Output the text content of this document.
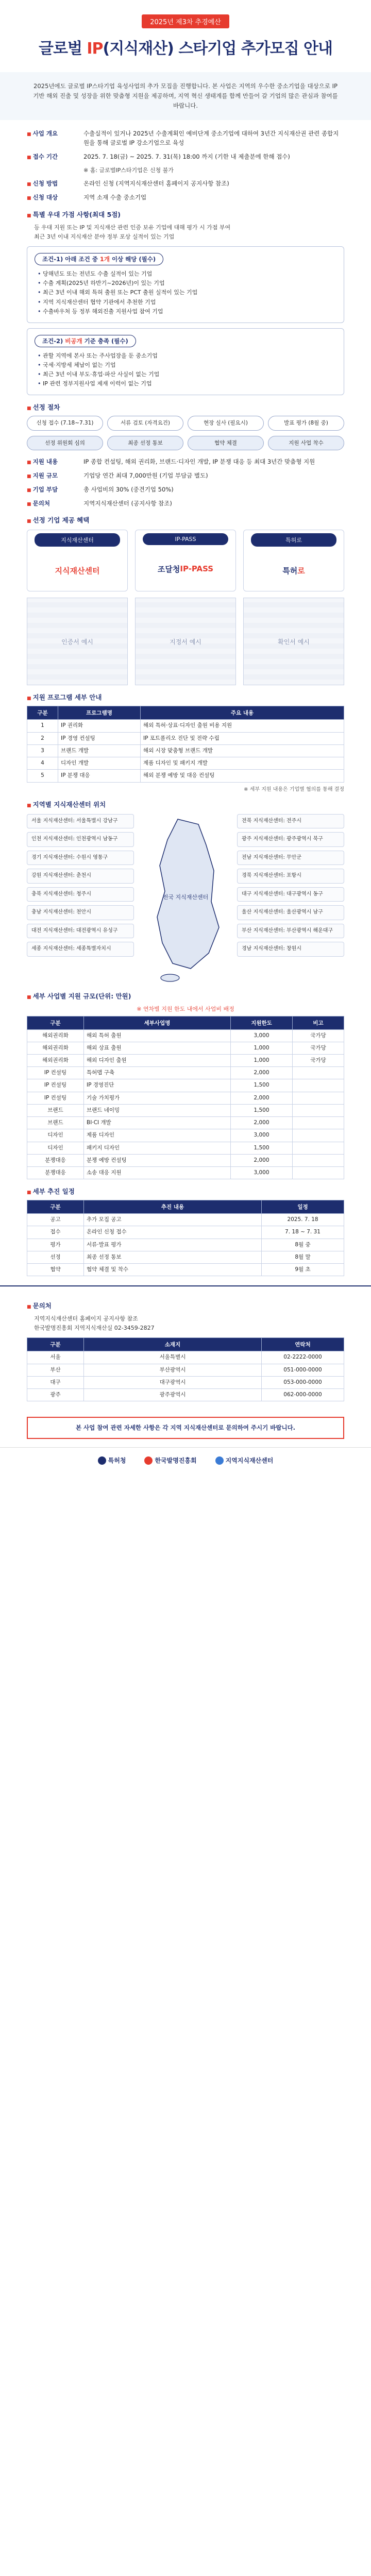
2025년 제3차 추경예산
글로벌 IP(지식재산) 스타기업 추가모집 안내
2025년에도 글로벌 IP스타기업 육성사업의 추가 모집을 진행합니다. 본 사업은 지역의 우수한 중소기업을 대상으로 IP 기반 해외 진출 및 성장을 위한 맞춤형 지원을 제공하며, 지역 혁신 생태계를 함께 만들어 갈 기업의 많은 관심과 참여를 바랍니다.
■ 사업 개요	수출실적이 있거나 2025년 수출계획인 예비단계 중소기업에 대하여 3년간 지식재산권 관련 종합지원을 통해 글로벌 IP 강소기업으로 육성
■ 접수 기간	2025. 7. 18(금) ~ 2025. 7. 31(목) 18:00 까지 (기한 내 제출분에 한해 접수)
※ 홈: 글로벌IP스타기업은 신청 불가
■ 신청 방법	온라인 신청 (지역지식재산센터 홈페이지 공지사항 참조)
■ 신청 대상	지역 소재 수출 중소기업
■ 특별 우대 가점 사항(최대 5점)
등 우대 지원 또는 IP 및 지식재산 관련 인증 보유 기업에 대해 평가 시 가점 부여
최근 3년 이내 지식재산 분야 정부 포상 실적이 있는 기업
조건-1) 아래 조건 중 1개 이상 해당 (필수)
• 당해년도 또는 전년도 수출 실적이 있는 기업
• 수출 계획(2025년 하반기~2026년)이 있는 기업
• 최근 3년 이내 해외 특허 출원 또는 PCT 출원 실적이 있는 기업
• 지역 지식재산센터 협약 기관에서 추천한 기업
• 수출바우처 등 정부 해외진출 지원사업 참여 기업
조건-2) 비공개 기준 충족 (필수)
• 관할 지역에 본사 또는 주사업장을 둔 중소기업
• 국세·지방세 체납이 없는 기업
• 최근 3년 이내 부도·휴업·파산 사실이 없는 기업
• IP 관련 정부지원사업 제재 이력이 없는 기업
■ 선정 절차
신청 접수 (7.18~7.31)	서류 검토 (자격요건)	현장 실사 (필요시)	발표 평가 (8월 중)
선정 위원회 심의	최종 선정 통보	협약 체결	지원 사업 착수
■ 지원 내용	IP 종합 컨설팅, 해외 권리화, 브랜드·디자인 개발, IP 분쟁 대응 등 최대 3년간 맞춤형 지원
■ 지원 규모	기업당 연간 최대 7,000만원 (기업 부담금 별도)
■ 기업 부담	총 사업비의 30% (중견기업 50%)
■ 문의처	지역지식재산센터 (공지사항 참조)
■ 선정 기업 제공 혜택
지식재산센터
지식재산센터
IP-PASS
조달청 IP-PASS
특허로
특허 로
인증서 예시	지정서 예시	확인서 예시
■ 지원 프로그램 세부 안내
구분	프로그램명	주요 내용
1	IP 권리화	해외 특허·상표·디자인 출원 비용 지원
2	IP 경영 컨설팅	IP 포트폴리오 진단 및 전략 수립
3	브랜드 개발	해외 시장 맞춤형 브랜드 개발
4	디자인 개발	제품 디자인 및 패키지 개발
5	IP 분쟁 대응	해외 분쟁 예방 및 대응 컨설팅
※ 세부 지원 내용은 기업별 협의를 통해 결정
■ 지역별 지식재산센터 위치
서울 지식재산센터: 서울특별시 강남구
인천 지식재산센터: 인천광역시 남동구
경기 지식재산센터: 수원시 영통구
강원 지식재산센터: 춘천시
충북 지식재산센터: 청주시
충남 지식재산센터: 천안시
대전 지식재산센터: 대전광역시 유성구
세종 지식재산센터: 세종특별자치시
전국 지식재산센터
전북 지식재산센터: 전주시
광주 지식재산센터: 광주광역시 북구
전남 지식재산센터: 무안군
경북 지식재산센터: 포항시
대구 지식재산센터: 대구광역시 동구
울산 지식재산센터: 울산광역시 남구
부산 지식재산센터: 부산광역시 해운대구
경남 지식재산센터: 창원시
■ 세부 사업별 지원 규모(단위: 만원)
※ 연차별 지원 한도 내에서 사업비 배정
구분	세부사업명	지원한도	비고
해외권리화	해외 특허 출원	3,000	국가당
해외권리화	해외 상표 출원	1,000	국가당
해외권리화	해외 디자인 출원	1,000	국가당
IP 컨설팅	특허맵 구축	2,000	
IP 컨설팅	IP 경영진단	1,500	
IP 컨설팅	기술 가치평가	2,000	
브랜드	브랜드 네이밍	1,500	
브랜드	BI·CI 개발	2,000	
디자인	제품 디자인	3,000	
디자인	패키지 디자인	1,500	
분쟁대응	분쟁 예방 컨설팅	2,000	
분쟁대응	소송 대응 지원	3,000	
■ 세부 추진 일정
구분	추진 내용	일정
공고	추가 모집 공고	2025. 7. 18
접수	온라인 신청 접수	7. 18 ~ 7. 31
평가	서류·발표 평가	8월 중
선정	최종 선정 통보	8월 말
협약	협약 체결 및 착수	9월 초
■ 문의처
지역지식재산센터 홈페이지 공지사항 참조
한국발명진흥회 지역지식재산실 02-3459-2827
구분	소재지	연락처
서울	서울특별시	02-2222-0000
부산	부산광역시	051-000-0000
대구	대구광역시	053-000-0000
광주	광주광역시	062-000-0000
본 사업 참여 관련 자세한 사항은 각 지역 지식재산센터로 문의하여 주시기 바랍니다.
특허청	한국발명진흥회	지역지식재산센터
